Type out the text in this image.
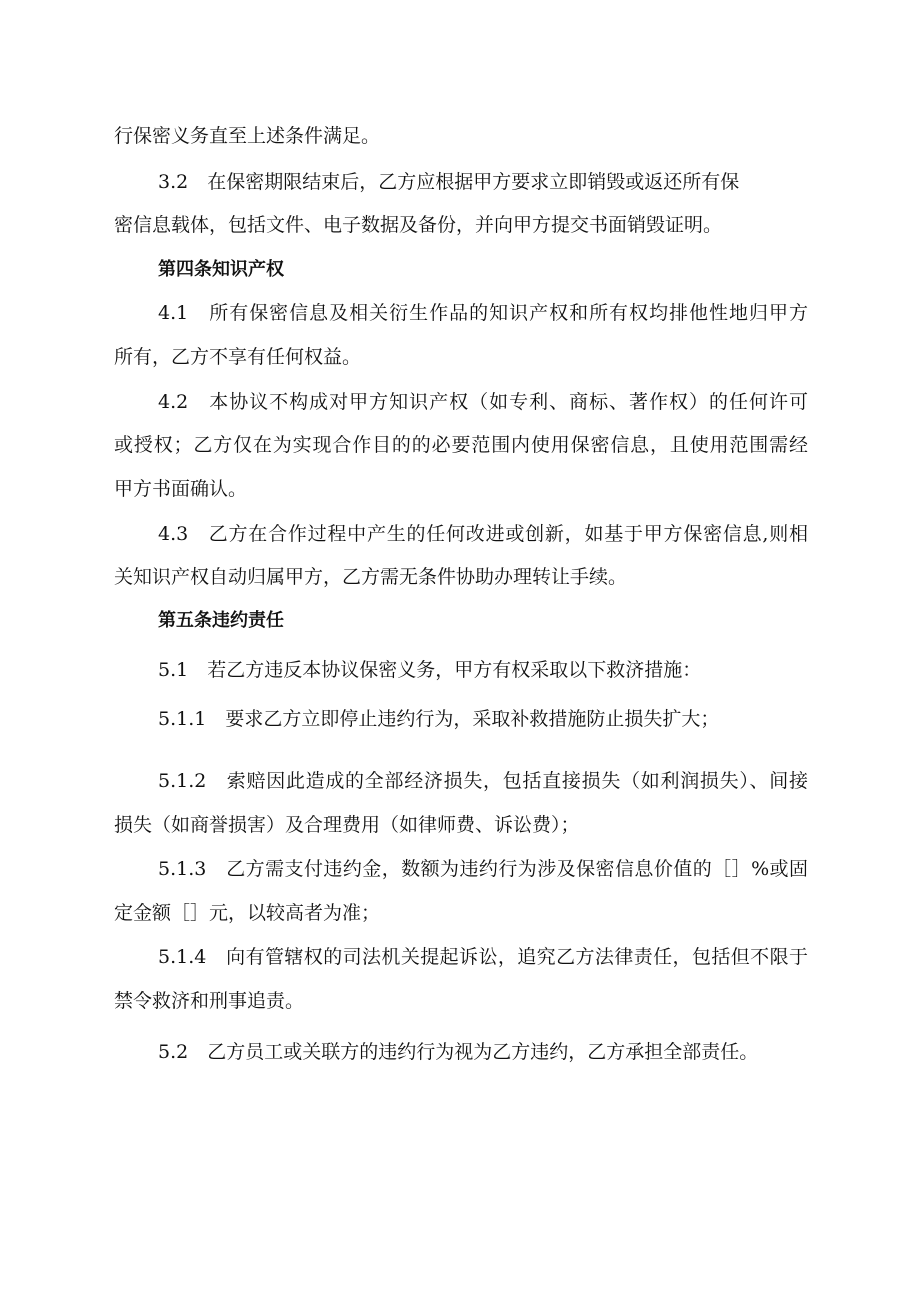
行保密义务直至上述条件满足。
3.2　在保密期限结束后，乙方应根据甲方要求立即销毁或返还所有保
密信息载体，包括文件、电子数据及备份，并向甲方提交书面销毁证明。
第四条知识产权
4.1　所有保密信息及相关衍生作品的知识产权和所有权均排他性地归甲方
所有，乙方不享有任何权益。
4.2　本协议不构成对甲方知识产权（如专利、商标、著作权）的任何许可
或授权；乙方仅在为实现合作目的的必要范围内使用保密信息，且使用范围需经
甲方书面确认。
4.3　乙方在合作过程中产生的任何改进或创新，如基于甲方保密信息,则相
关知识产权自动归属甲方，乙方需无条件协助办理转让手续。
第五条违约责任
5.1　若乙方违反本协议保密义务，甲方有权采取以下救济措施：
5.1.1　要求乙方立即停止违约行为，采取补救措施防止损失扩大；
5.1.2　索赔因此造成的全部经济损失，包括直接损失（如利润损失）、间接
损失（如商誉损害）及合理费用（如律师费、诉讼费）；
5.1.3　乙方需支付违约金，数额为违约行为涉及保密信息价值的［］%或固
定金额［］元，以较高者为准；
5.1.4　向有管辖权的司法机关提起诉讼，追究乙方法律责任，包括但不限于
禁令救济和刑事追责。
5.2　乙方员工或关联方的违约行为视为乙方违约，乙方承担全部责任。
